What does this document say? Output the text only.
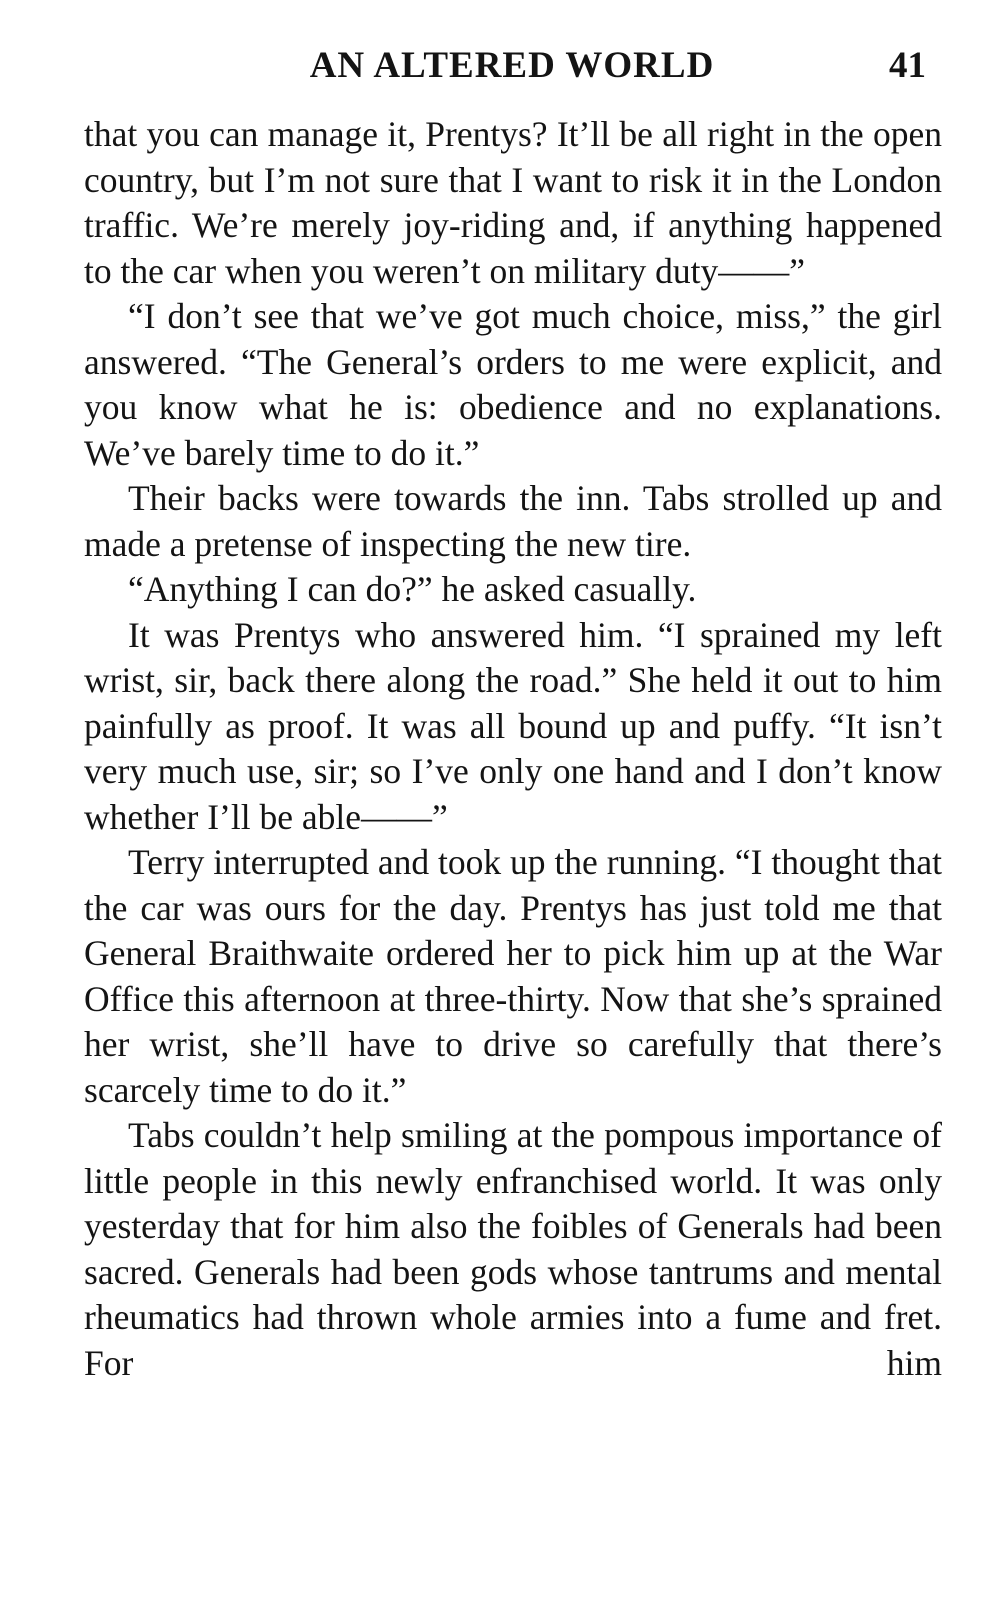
AN ALTERED WORLD	41

that you can manage it, Prentys? It’ll be all right in the open country, but I’m not sure that I want to risk it in the London traffic. We’re merely joy-riding and, if anything happened to the car when you weren’t on military duty——”

“I don’t see that we’ve got much choice, miss,” the girl answered. “The General’s orders to me were explicit, and you know what he is: obedience and no explanations. We’ve barely time to do it.”

Their backs were towards the inn. Tabs strolled up and made a pretense of inspecting the new tire.

“Anything I can do?” he asked casually.

It was Prentys who answered him. “I sprained my left wrist, sir, back there along the road.” She held it out to him painfully as proof. It was all bound up and puffy. “It isn’t very much use, sir; so I’ve only one hand and I don’t know whether I’ll be able——”

Terry interrupted and took up the running. “I thought that the car was ours for the day. Prentys has just told me that General Braithwaite ordered her to pick him up at the War Office this afternoon at three-thirty. Now that she’s sprained her wrist, she’ll have to drive so carefully that there’s scarcely time to do it.”

Tabs couldn’t help smiling at the pompous importance of little people in this newly enfranchised world. It was only yesterday that for him also the foibles of Generals had been sacred. Generals had been gods whose tantrums and mental rheumatics had thrown whole armies into a fume and fret. For him
